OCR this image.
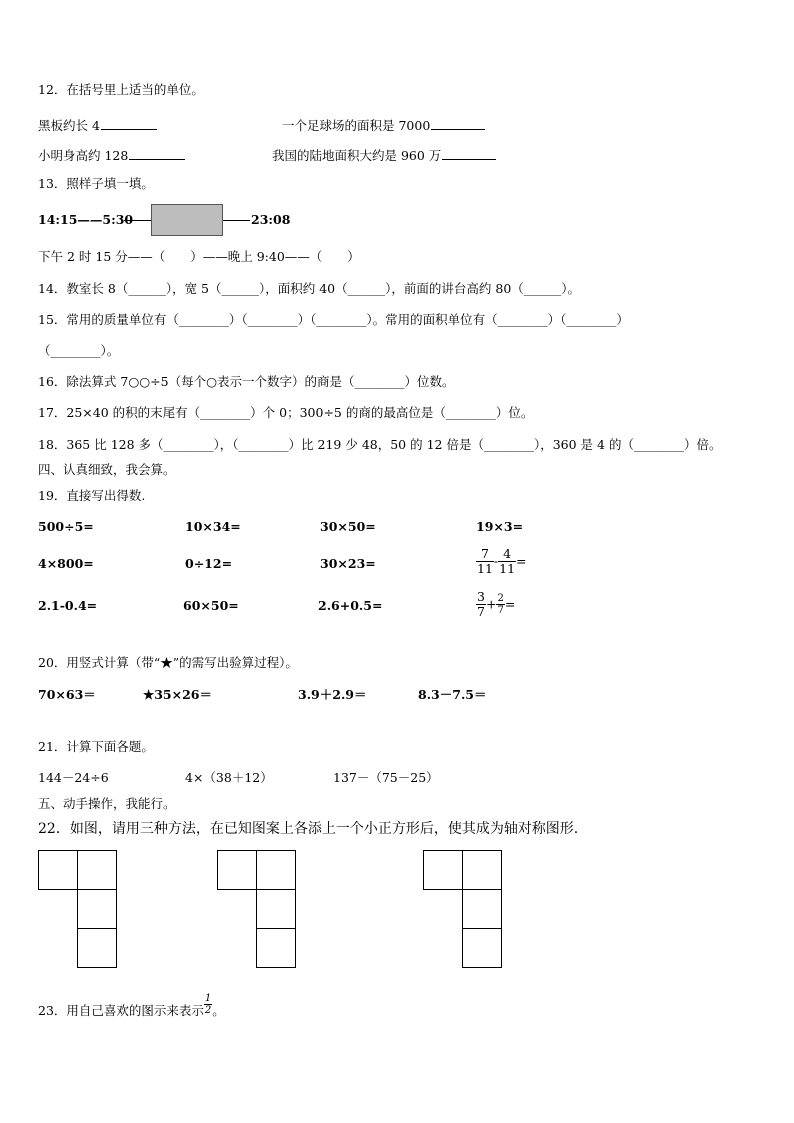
12．在括号里上适当的单位。
黑板约长 4	一个足球场的面积是 7000
小明身高约 128	我国的陆地面积大约是 960 万
13．照样子填一填。
14:15——5:30	23:08
下午 2 时 15 分——（　　）——晚上 9:40——（　　）
14．教室长 8（______），宽 5（______），面积约 40（______），前面的讲台高约 80（______）。
15．常用的质量单位有（________）（________）（________）。常用的面积单位有（________）（________）
（________）。
16．除法算式 7○○÷5（每个○表示一个数字）的商是（________）位数。
17．25×40 的积的末尾有（________）个 0；300÷5 的商的最高位是（________）位。
18．365 比 128 多（________），（________）比 219 少 48，50 的 12 倍是（________），360 是 4 的（________）倍。
四、认真细致，我会算。
19．直接写出得数.
500÷5=	10×34=	30×50=	19×3=
4×800=	0÷12=	30×23=	$\frac{7}{11} - \frac{4}{11}$ =
2.1-0.4=	60×50=	2.6+0.5=	$\frac{3}{7} + \frac{2}{7}$ =
20．用竖式计算（带“★”的需写出验算过程）。
70×63＝	★35×26＝	3.9＋2.9＝	8.3－7.5＝
21．计算下面各题。
144－24÷6	4×（38＋12）	137－（75－25）
五、动手操作，我能行。
22．如图，请用三种方法，在已知图案上各添上一个小正方形后，使其成为轴对称图形.
23．用自己喜欢的图示来表示 $\frac{1}{2}$ 。
